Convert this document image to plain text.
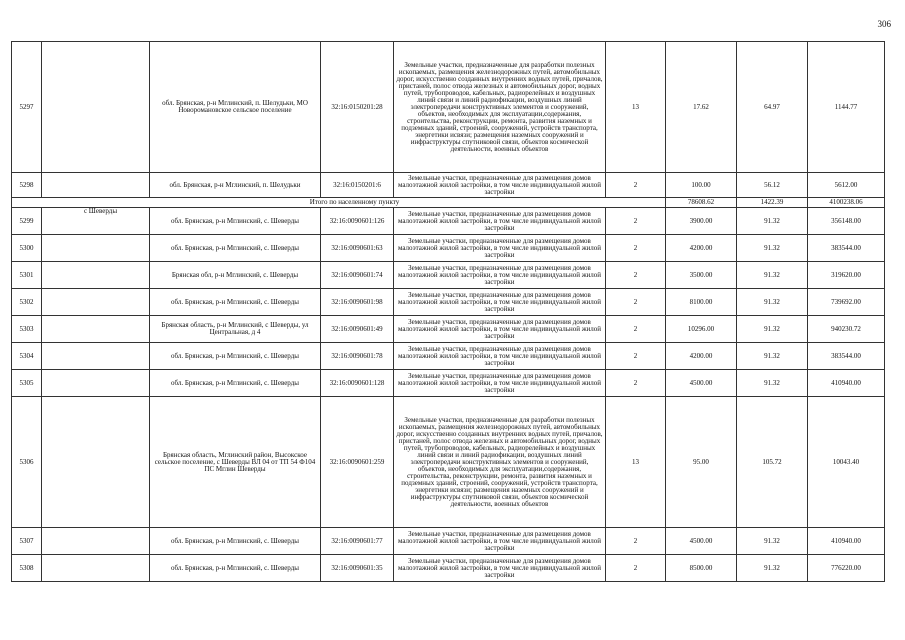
306
5297		обл. Брянская, р-н Мглинский, п. Шелудьки, МО Новоромановское сельское поселение	32:16:0150201:28	Земельные участки, предназначенные для разработки полезных ископаемых, размещения железнодорожных путей, автомобильных дорог, искусственно созданных внутренних водных путей, причалов, пристаней, полос отвода железных и автомобильных дорог, водных путей, трубопроводов, кабельных, радиорелейных и воздушных линий связи и линий радиофикации, воздушных линий электропередачи конструктивных элементов и сооружений, объектов, необходимых для эксплуатации,содержания, строительства, реконструкции, ремонта, развития наземных и подземных зданий, строений, сооружений, устройств транспорта, энергетики исвязи; размещения наземных сооружений и инфраструктуры спутниковой связи, объектов космической деятельности, военных объектов	13	17.62	64.97	1144.77
5298		обл. Брянская, р-н Мглинский, п. Шелудьки	32:16:0150201:6	Земельные участки, предназначенные для размещения домов малоэтажной жилой застройки, в том числе индивидуальной жилой застройки	2	100.00	56.12	5612.00
Итого по населенному пункту						78608.62	1422.39	4100238.06
5299	с Шеверды	обл. Брянская, р-н Мглинский, с. Шеверды	32:16:0090601:126	Земельные участки, предназначенные для размещения домов малоэтажной жилой застройки, в том числе индивидуальной жилой застройки	2	3900.00	91.32	356148.00
5300		обл. Брянская, р-н Мглинский, с. Шеверды	32:16:0090601:63	Земельные участки, предназначенные для размещения домов малоэтажной жилой застройки, в том числе индивидуальной жилой застройки	2	4200.00	91.32	383544.00
5301		Брянская обл, р-н Мглинский, с. Шеверды	32:16:0090601:74	Земельные участки, предназначенные для размещения домов малоэтажной жилой застройки, в том числе индивидуальной жилой застройки	2	3500.00	91.32	319620.00
5302		обл. Брянская, р-н Мглинский, с. Шеверды	32:16:0090601:98	Земельные участки, предназначенные для размещения домов малоэтажной жилой застройки, в том числе индивидуальной жилой застройки	2	8100.00	91.32	739692.00
5303		Брянская область, р-н Мглинский, с Шеверды, ул Центральная, д 4	32:16:0090601:49	Земельные участки, предназначенные для размещения домов малоэтажной жилой застройки, в том числе индивидуальной жилой застройки	2	10296.00	91.32	940230.72
5304		обл. Брянская, р-н Мглинский, с. Шеверды	32:16:0090601:78	Земельные участки, предназначенные для размещения домов малоэтажной жилой застройки, в том числе индивидуальной жилой застройки	2	4200.00	91.32	383544.00
5305		обл. Брянская, р-н Мглинский, с. Шеверды	32:16:0090601:128	Земельные участки, предназначенные для размещения домов малоэтажной жилой застройки, в том числе индивидуальной жилой застройки	2	4500.00	91.32	410940.00
5306		Брянская область, Мглинский район, Высокское сельское поселение, с Шеверды ВЛ 04 от ТП 54 Ф104 ПС Мглин Шеверды	32:16:0090601:259	Земельные участки, предназначенные для разработки полезных ископаемых, размещения железнодорожных путей, автомобильных дорог, искусственно созданных внутренних водных путей, причалов, пристаней, полос отвода железных и автомобильных дорог, водных путей, трубопроводов, кабельных, радиорелейных и воздушных линий связи и линий радиофикации, воздушных линий электропередачи конструктивных элементов и сооружений, объектов, необходимых для эксплуатации,содержания, строительства, реконструкции, ремонта, развития наземных и подземных зданий, строений, сооружений, устройств транспорта, энергетики исвязи; размещения наземных сооружений и инфраструктуры спутниковой связи, объектов космической деятельности, военных объектов	13	95.00	105.72	10043.40
5307		обл. Брянская, р-н Мглинский, с. Шеверды	32:16:0090601:77	Земельные участки, предназначенные для размещения домов малоэтажной жилой застройки, в том числе индивидуальной жилой застройки	2	4500.00	91.32	410940.00
5308		обл. Брянская, р-н Мглинский, с. Шеверды	32:16:0090601:35	Земельные участки, предназначенные для размещения домов малоэтажной жилой застройки, в том числе индивидуальной жилой застройки	2	8500.00	91.32	776220.00
